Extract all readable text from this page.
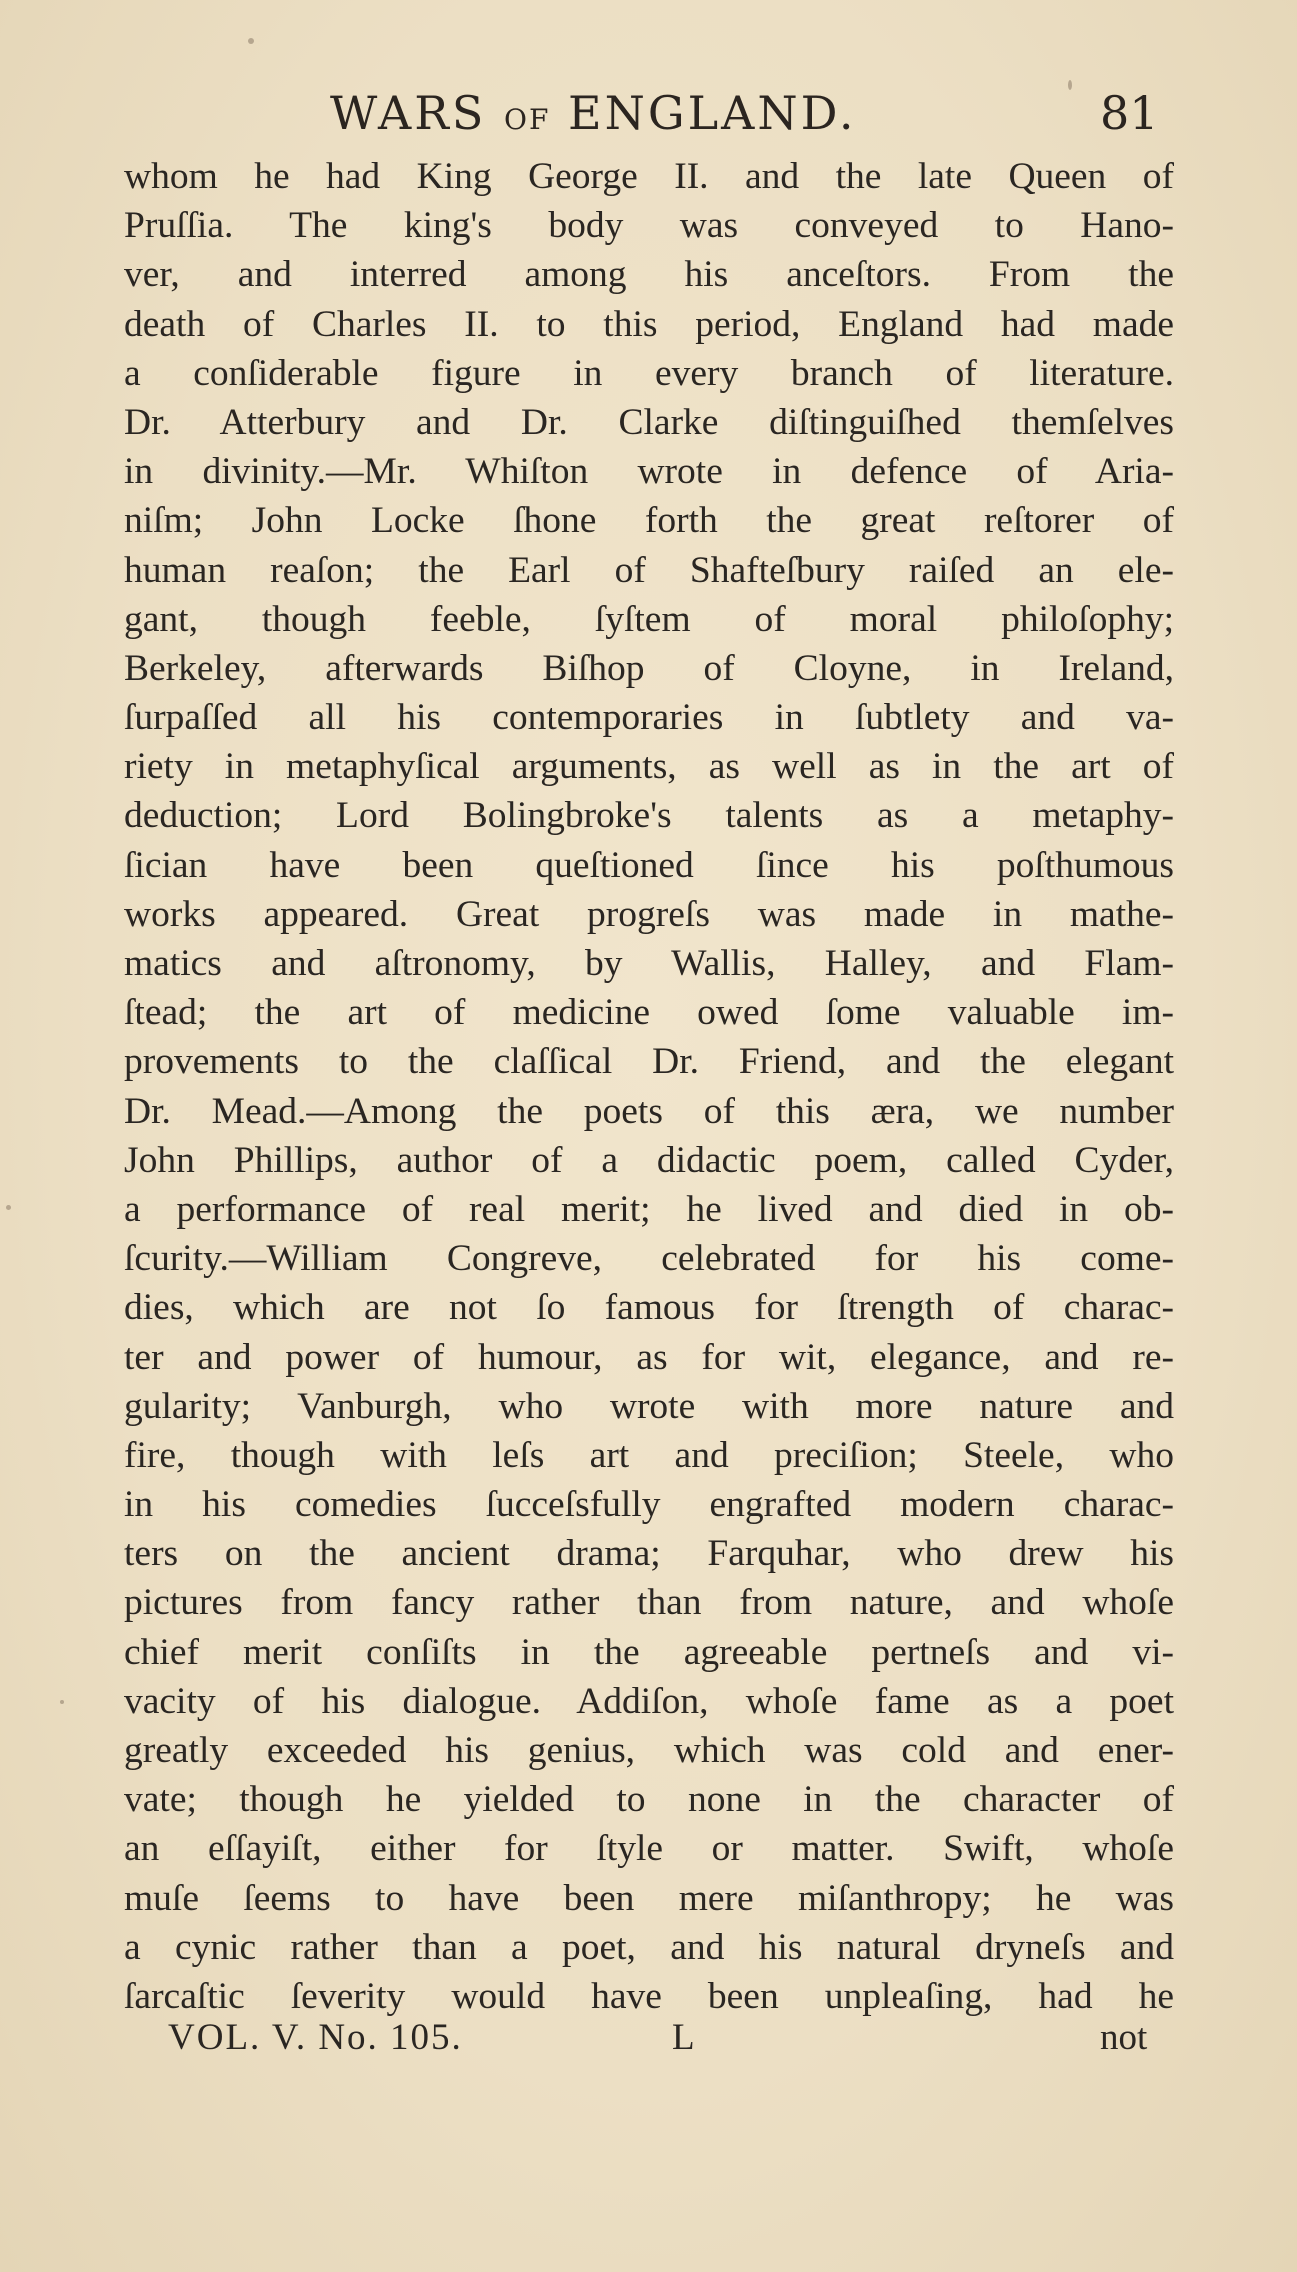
WARS OF ENGLAND.	81
whom he had King George II. and the late Queen of
Pruſſia. The king's body was conveyed to Hano-
ver, and interred among his anceſtors. From the
death of Charles II. to this period, England had made
a conſiderable figure in every branch of literature.
Dr. Atterbury and Dr. Clarke diſtinguiſhed themſelves
in divinity.—Mr. Whiſton wrote in defence of Aria-
niſm; John Locke ſhone forth the great reſtorer of
human reaſon; the Earl of Shafteſbury raiſed an ele-
gant, though feeble, ſyſtem of moral philoſophy;
Berkeley, afterwards Biſhop of Cloyne, in Ireland,
ſurpaſſed all his contemporaries in ſubtlety and va-
riety in metaphyſical arguments, as well as in the art of
deduction; Lord Bolingbroke's talents as a metaphy-
ſician have been queſtioned ſince his poſthumous
works appeared. Great progreſs was made in mathe-
matics and aſtronomy, by Wallis, Halley, and Flam-
ſtead; the art of medicine owed ſome valuable im-
provements to the claſſical Dr. Friend, and the elegant
Dr. Mead.—Among the poets of this æra, we number
John Phillips, author of a didactic poem, called Cyder,
a performance of real merit; he lived and died in ob-
ſcurity.—William Congreve, celebrated for his come-
dies, which are not ſo famous for ſtrength of charac-
ter and power of humour, as for wit, elegance, and re-
gularity; Vanburgh, who wrote with more nature and
fire, though with leſs art and preciſion; Steele, who
in his comedies ſucceſsfully engrafted modern charac-
ters on the ancient drama; Farquhar, who drew his
pictures from fancy rather than from nature, and whoſe
chief merit conſiſts in the agreeable pertneſs and vi-
vacity of his dialogue. Addiſon, whoſe fame as a poet
greatly exceeded his genius, which was cold and ener-
vate; though he yielded to none in the character of
an eſſayiſt, either for ſtyle or matter. Swift, whoſe
muſe ſeems to have been mere miſanthropy; he was
a cynic rather than a poet, and his natural dryneſs and
ſarcaſtic ſeverity would have been unpleaſing, had he
VOL. V. No. 105.	L	not
